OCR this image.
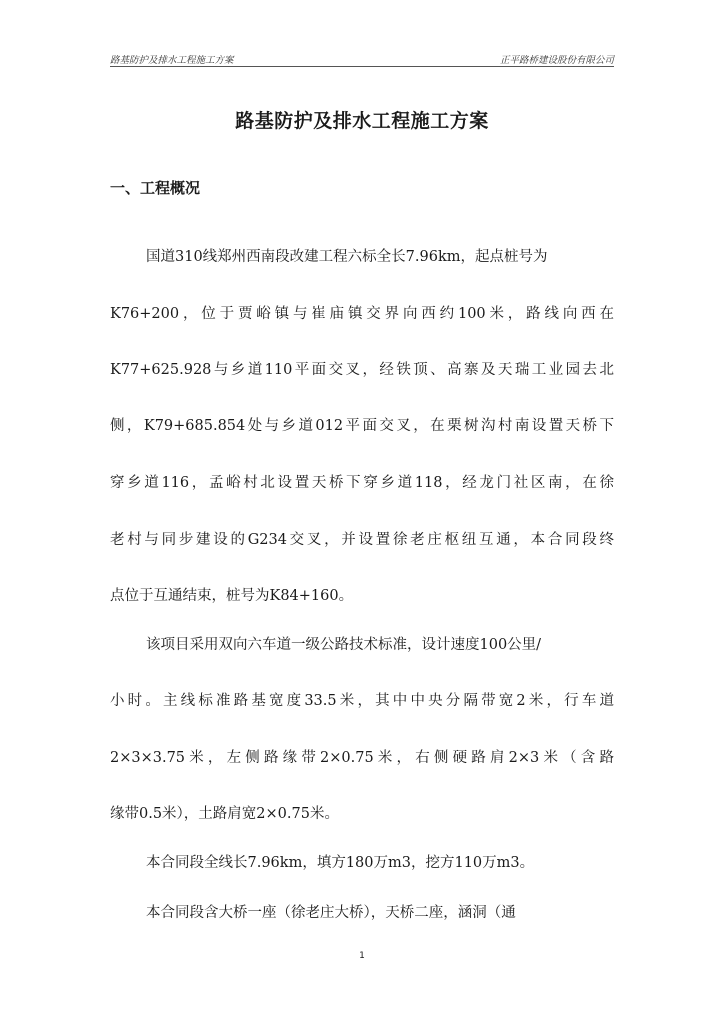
路基防护及排水工程施工方案	正平路桥建设股份有限公司
路基防护及排水工程施工方案
一、工程概况
国道310线郑州西南段改建工程六标全长7.96km，起点桩号为
K76+200，位于贾峪镇与崔庙镇交界向西约100米，路线向西在
K77+625.928与乡道110平面交叉，经铁顶、高寨及天瑞工业园去北
侧，K79+685.854处与乡道012平面交叉，在栗树沟村南设置天桥下
穿乡道116，孟峪村北设置天桥下穿乡道118，经龙门社区南，在徐
老村与同步建设的G234交叉，并设置徐老庄枢纽互通，本合同段终
点位于互通结束，桩号为K84+160。
该项目采用双向六车道一级公路技术标准，设计速度100公里/
小时。主线标准路基宽度33.5米，其中中央分隔带宽2米，行车道
2×3×3.75米，左侧路缘带2×0.75米，右侧硬路肩2×3米（含路
缘带0.5米），土路肩宽2×0.75米。
本合同段全线长7.96km，填方180万m3，挖方110万m3。
本合同段含大桥一座（徐老庄大桥），天桥二座，涵洞（通
1
